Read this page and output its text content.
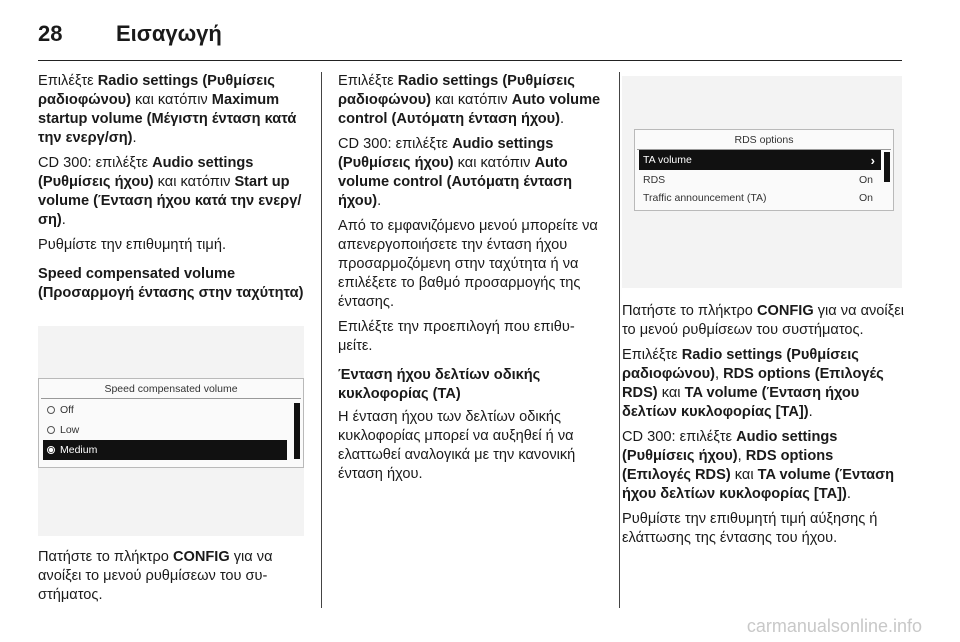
28	Εισαγωγή

Επιλέξτε Radio settings (Ρυθμίσεις ραδιοφώνου) και κατόπιν Maximum startup volume (Μέγιστη ένταση κατά την ενεργ/ση).

CD 300: επιλέξτε Audio settings (Ρυθμίσεις ήχου) και κατόπιν Start up volume (Ένταση ήχου κατά την ενεργ/ση).

Ρυθμίστε την επιθυμητή τιμή.

Speed compensated volume (Προσαρμογή έντασης στην ταχύτητα)
Speed compensated volume
Off
Low
Medium

Πατήστε το πλήκτρο CONFIG για να ανοίξει το μενού ρυθμίσεων του συστήματος.

Επιλέξτε Radio settings (Ρυθμίσεις ραδιοφώνου) και κατόπιν Auto volume control (Αυτόματη ένταση ήχου).

CD 300: επιλέξτε Audio settings (Ρυθμίσεις ήχου) και κατόπιν Auto volume control (Αυτόματη ένταση ήχου).

Από το εμφανιζόμενο μενού μπορείτε να απενεργοποιήσετε την ένταση ήχου προσαρμοζόμενη στην ταχύτητα ή να επιλέξετε το βαθμό προσαρμογής της έντασης.

Επιλέξτε την προεπιλογή που επιθυμείτε.

Ένταση ήχου δελτίων οδικής κυκλοφορίας (TA)

Η ένταση ήχου των δελτίων οδικής κυκλοφορίας μπορεί να αυξηθεί ή να ελαττωθεί αναλογικά με την κανονική ένταση ήχου.

RDS options
TA volume	›
RDS	On
Traffic announcement (TA)	On

Πατήστε το πλήκτρο CONFIG για να ανοίξει το μενού ρυθμίσεων του συστήματος.

Επιλέξτε Radio settings (Ρυθμίσεις ραδιοφώνου), RDS options (Επιλογές RDS) και TA volume (Ένταση ήχου δελτίων κυκλοφορίας [TA]).

CD 300: επιλέξτε Audio settings (Ρυθμίσεις ήχου), RDS options (Επιλογές RDS) και TA volume (Ένταση ήχου δελτίων κυκλοφορίας [TA]).

Ρυθμίστε την επιθυμητή τιμή αύξησης ή ελάττωσης της έντασης του ήχου.

carmanualsonline.info
